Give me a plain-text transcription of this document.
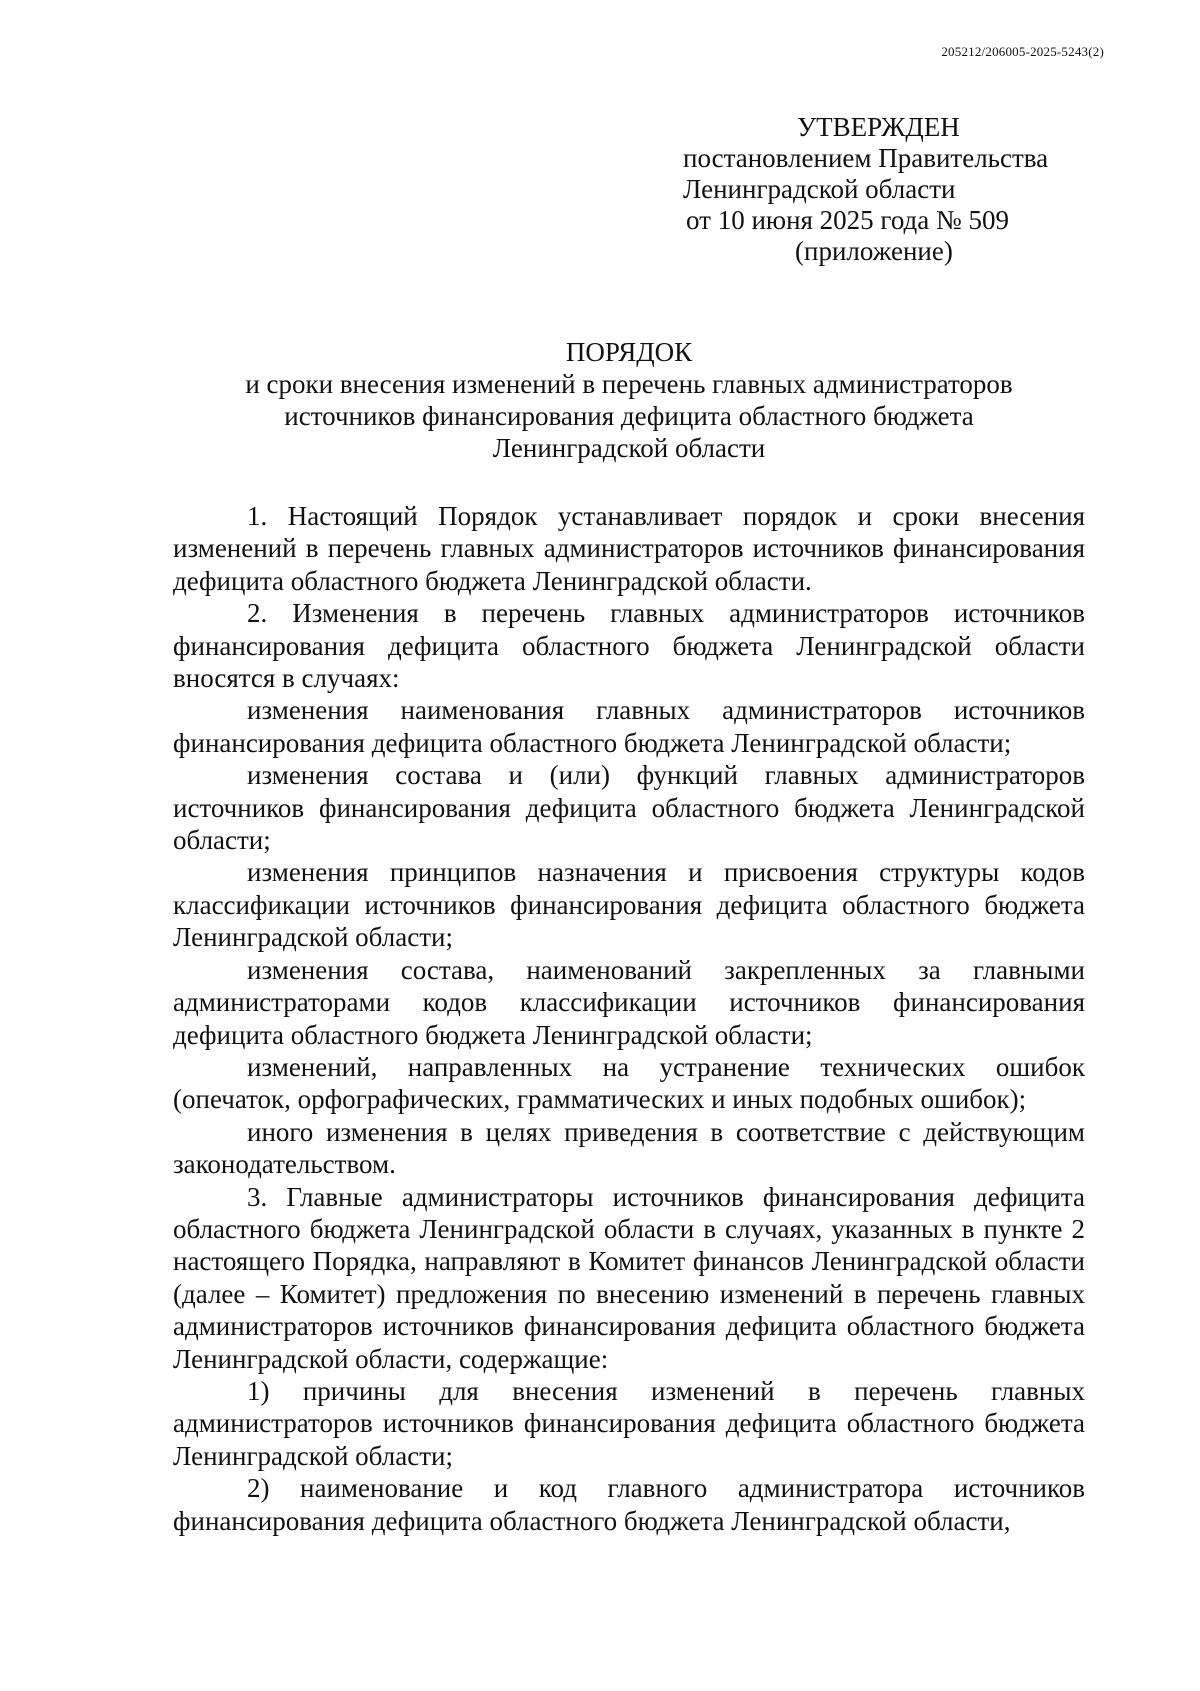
205212/206005-2025-5243(2)
УТВЕРЖДЕН
постановлением Правительства
Ленинградской области
от 10 июня 2025 года № 509
(приложение)
ПОРЯДОК
и сроки внесения изменений в перечень главных администраторов
источников финансирования дефицита областного бюджета
Ленинградской области

1. Настоящий Порядок устанавливает порядок и сроки внесения изменений в перечень главных администраторов источников финансирования дефицита областного бюджета Ленинградской области.

2. Изменения в перечень главных администраторов источников финансирования дефицита областного бюджета Ленинградской области вносятся в случаях:

изменения наименования главных администраторов источников финансирования дефицита областного бюджета Ленинградской области;

изменения состава и (или) функций главных администраторов источников финансирования дефицита областного бюджета Ленинградской области;

изменения принципов назначения и присвоения структуры кодов классификации источников финансирования дефицита областного бюджета Ленинградской области;

изменения состава, наименований закрепленных за главными администраторами кодов классификации источников финансирования дефицита областного бюджета Ленинградской области;

изменений, направленных на устранение технических ошибок (опечаток, орфографических, грамматических и иных подобных ошибок);

иного изменения в целях приведения в соответствие с действующим законодательством.

3. Главные администраторы источников финансирования дефицита областного бюджета Ленинградской области в случаях, указанных в пункте 2 настоящего Порядка, направляют в Комитет финансов Ленинградской области (далее – Комитет) предложения по внесению изменений в перечень главных администраторов источников финансирования дефицита областного бюджета Ленинградской области, содержащие:

1) причины для внесения изменений в перечень главных администраторов источников финансирования дефицита областного бюджета Ленинградской области;

2) наименование и код главного администратора источников финансирования дефицита областного бюджета Ленинградской области,
